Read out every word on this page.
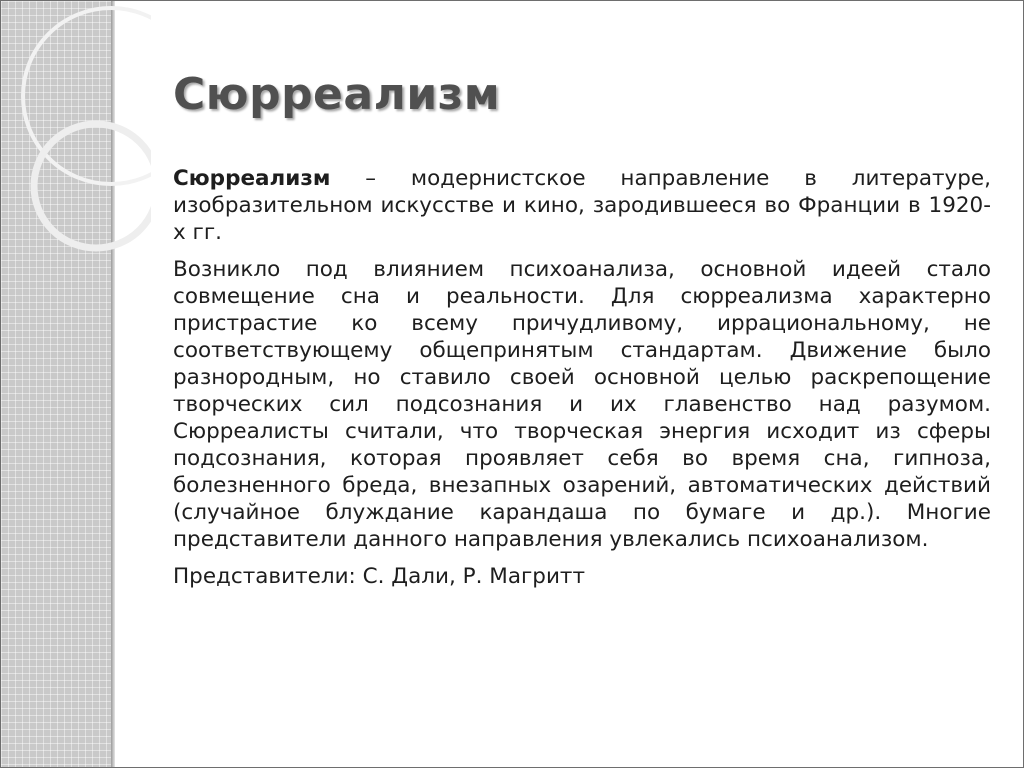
Сюрреализм

Сюрреализм – модернистское направление в литературе, изобразительном искусстве и кино, зародившееся во Франции в 1920-х гг.

Возникло под влиянием психоанализа, основной идеей стало совмещение сна и реальности. Для сюрреализма характерно пристрастие ко всему причудливому, иррациональному, не соответствующему общепринятым стандартам. Движение было разнородным, но ставило своей основной целью раскрепощение творческих сил подсознания и их главенство над разумом. Сюрреалисты считали, что творческая энергия исходит из сферы подсознания, которая проявляет себя во время сна, гипноза, болезненного бреда, внезапных озарений, автоматических действий (случайное блуждание карандаша по бумаге и др.). Многие представители данного направления увлекались психоанализом.

Представители: С. Дали, Р. Магритт
